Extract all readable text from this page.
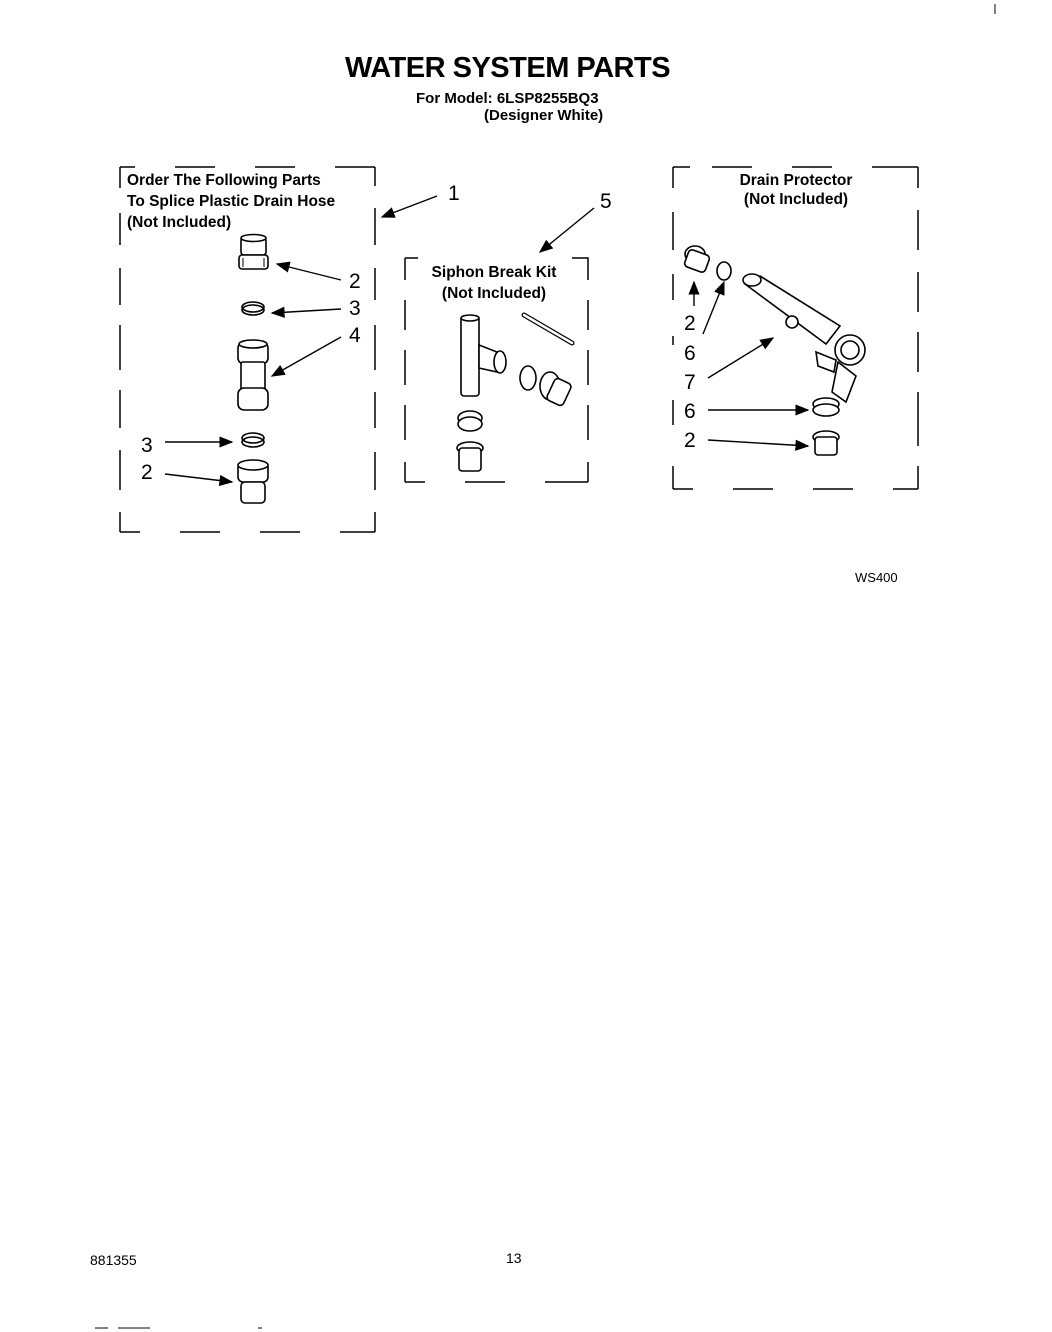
WATER SYSTEM PARTS
For Model: 6LSP8255BQ3
(Designer White)
Order The Following Parts
To Splice Plastic Drain Hose
(Not Included)
Siphon Break Kit
(Not Included)
Drain Protector
(Not Included)
1
2
3
4
3
2
5
2
6
7
6
2
WS400
881355	13
